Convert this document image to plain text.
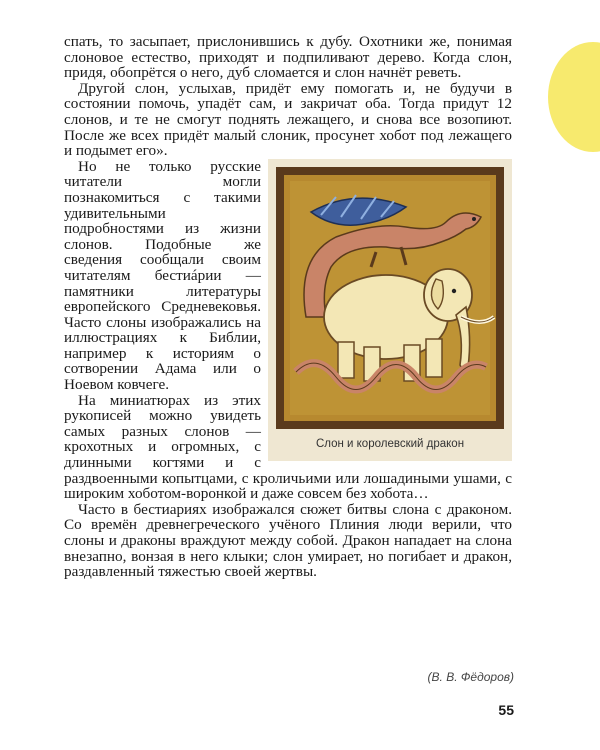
спать, то засыпает, прислонившись к дубу. Охотники же, понимая слоновое естество, приходят и подпиливают дерево. Когда слон, придя, обопрётся о него, дуб сломается и слон начнёт реветь.

Другой слон, услыхав, придёт ему помогать и, не будучи в состоянии помочь, упадёт сам, и закричат оба. Тогда придут 12 слонов, и те не смогут поднять лежащего, и снова все возопиют. После же всех придёт малый слоник, просунет хобот под лежащего и подымет его».

Слон и королевский дракон

Но не только русские читатели могли познакомиться с такими удивительными подробностями из жизни слонов. Подобные же сведения сообщали своим читателям бестиáрии — памятники литературы европейского Средневековья. Часто слоны изображались на иллюстрациях к Библии, например к историям о сотворении Адама или о Ноевом ковчеге.

На миниатюрах из этих рукописей можно увидеть самых разных слонов — крохотных и огромных, с длинными когтями и с раздвоенными копытцами, с кроличьими или лошадиными ушами, с широким хоботом-воронкой и даже совсем без хобота…

Часто в бестиариях изображался сюжет битвы слона с драконом. Со времён древнегреческого учёного Плиния люди верили, что слоны и драконы враждуют между собой. Дракон нападает на слона внезапно, вонзая в него клыки; слон умирает, но погибает и дракон, раздавленный тяжестью своей жертвы.

(В. В. Фёдоров)
55
